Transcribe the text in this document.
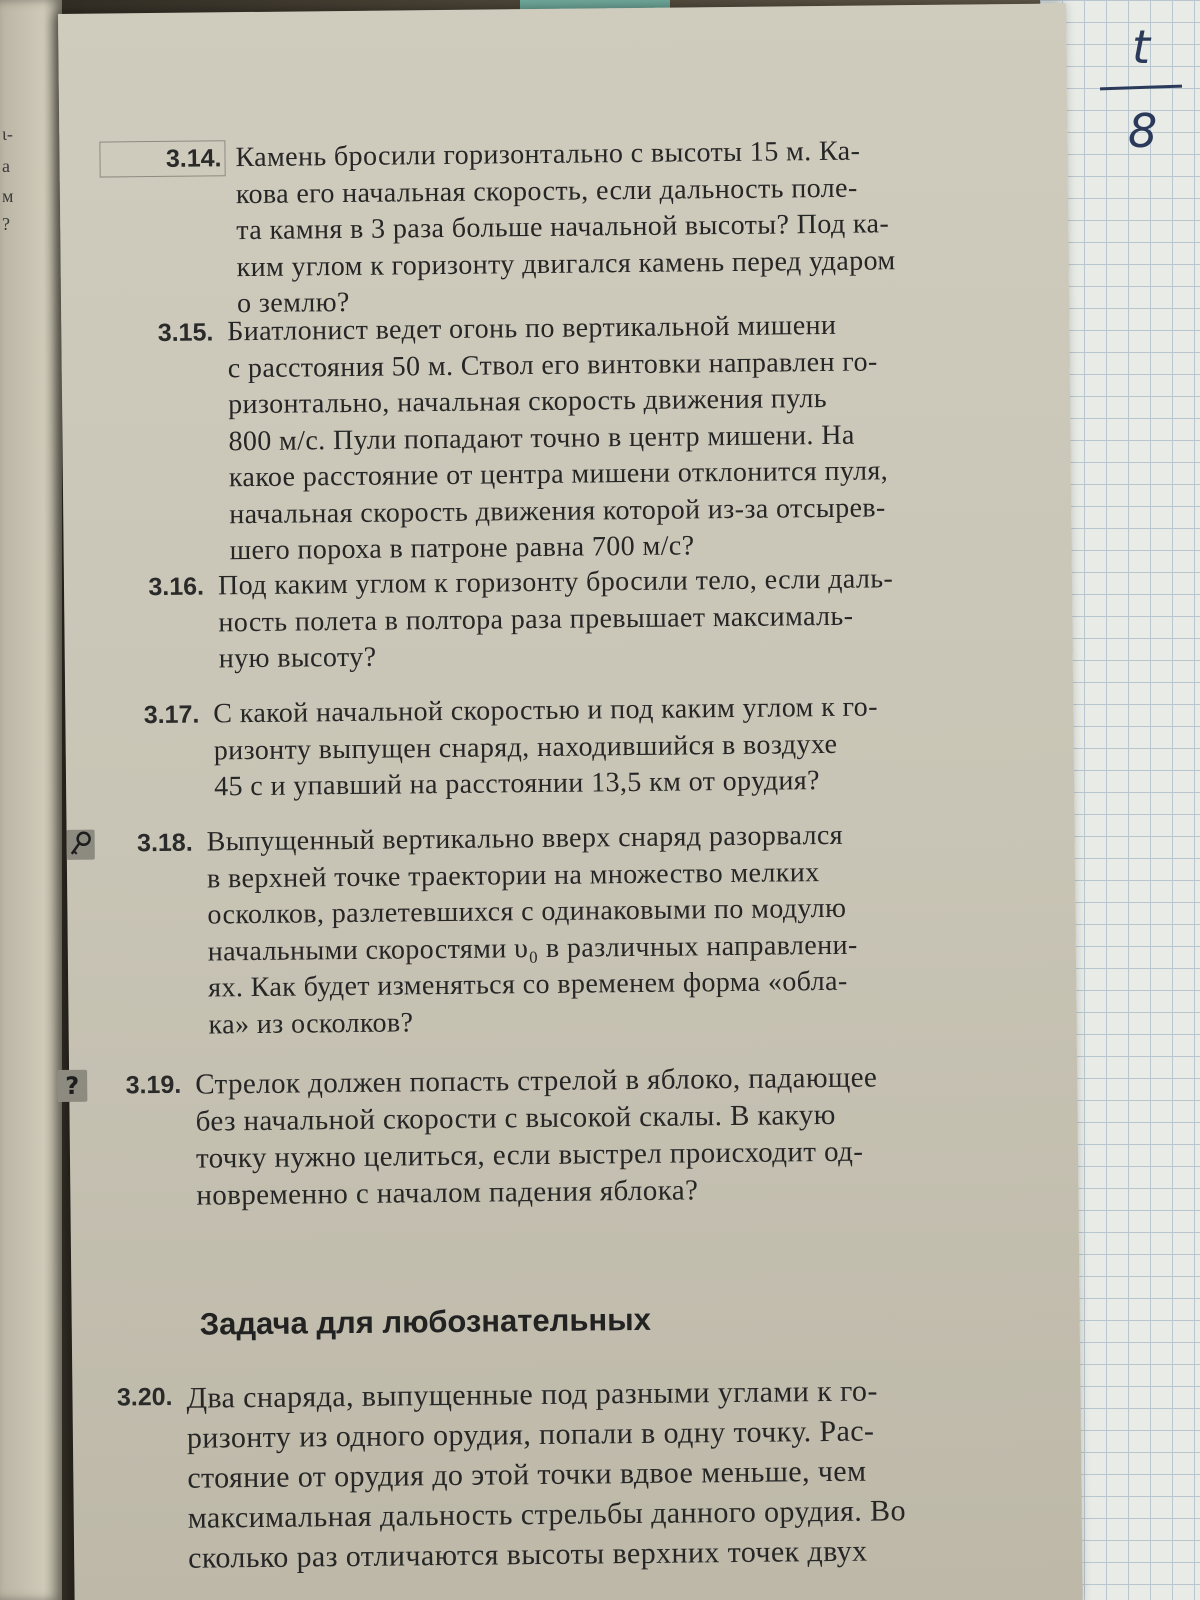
ι-
а
м
?
t
8
3.14. Камень бросили горизонтально с высоты 15 м. Ка-
кова его начальная скорость, если дальность поле-
та камня в 3 раза больше начальной высоты? Под ка-
ким углом к горизонту двигался камень перед ударом
о землю?
3.15. Биатлонист ведет огонь по вертикальной мишени
с расстояния 50 м. Ствол его винтовки направлен го-
ризонтально, начальная скорость движения пуль
800 м/с. Пули попадают точно в центр мишени. На
какое расстояние от центра мишени отклонится пуля,
начальная скорость движения которой из-за отсырев-
шего пороха в патроне равна 700 м/с?
3.16. Под каким углом к горизонту бросили тело, если даль-
ность полета в полтора раза превышает максималь-
ную высоту?
3.17. С какой начальной скоростью и под каким углом к го-
ризонту выпущен снаряд, находившийся в воздухе
45 с и упавший на расстоянии 13,5 км от орудия?
3.18. Выпущенный вертикально вверх снаряд разорвался
в верхней точке траектории на множество мелких
осколков, разлетевшихся с одинаковыми по модулю
начальными скоростями υ₀ в различных направлени-
ях. Как будет изменяться со временем форма «обла-
ка» из осколков?
?	3.19. Стрелок должен попасть стрелой в яблоко, падающее
без начальной скорости с высокой скалы. В какую
точку нужно целиться, если выстрел происходит од-
новременно с началом падения яблока?
Задача для любознательных
3.20. Два снаряда, выпущенные под разными углами к го-
ризонту из одного орудия, попали в одну точку. Рас-
стояние от орудия до этой точки вдвое меньше, чем
максимальная дальность стрельбы данного орудия. Во
сколько раз отличаются высоты верхних точек двух
